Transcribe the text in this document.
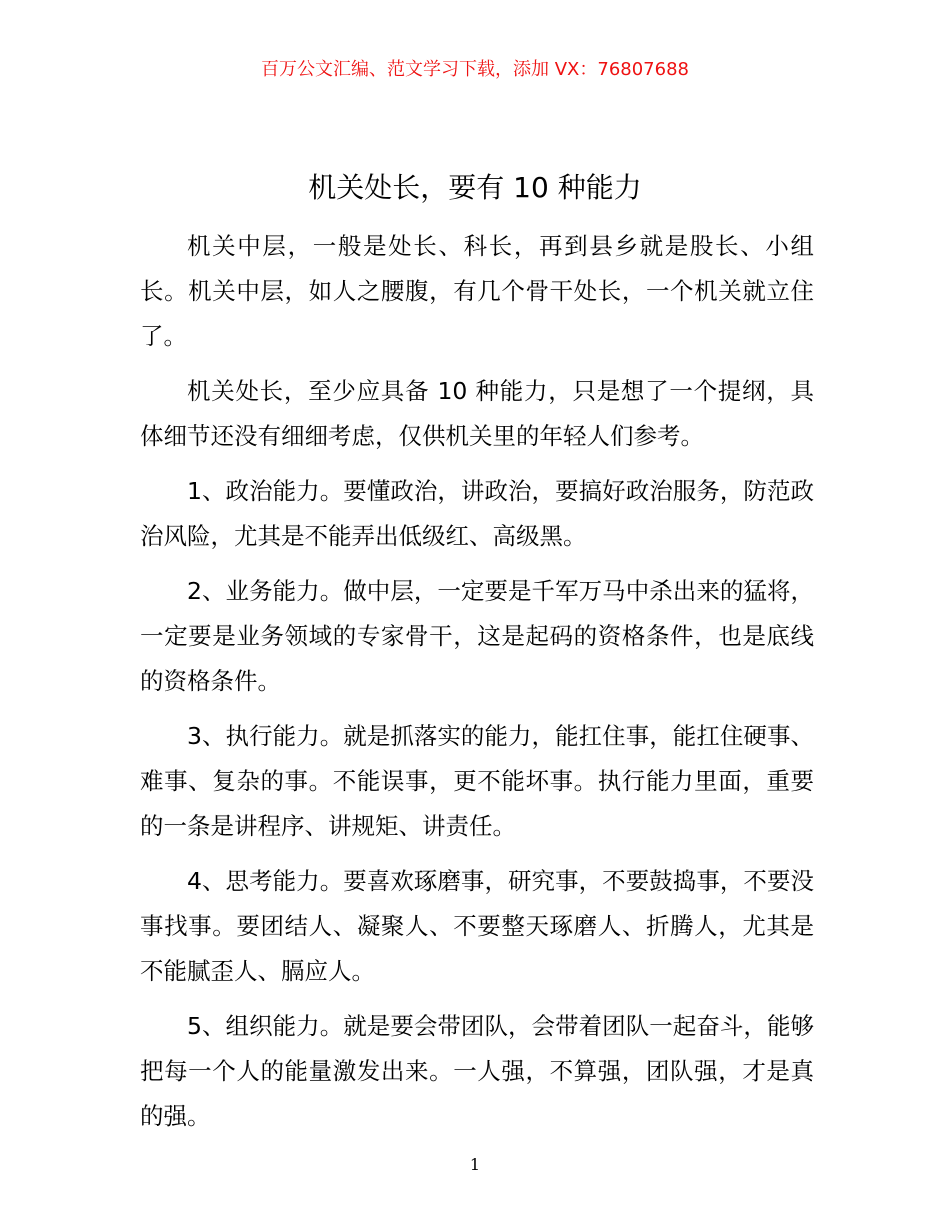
百万公文汇编、范文学习下载，添加 VX：76807688
机关处长，要有 10 种能力

机关中层，一般是处长、科长，再到县乡就是股长、小组长。机关中层，如人之腰腹，有几个骨干处长，一个机关就立住了。

机关处长，至少应具备 10 种能力，只是想了一个提纲，具体细节还没有细细考虑，仅供机关里的年轻人们参考。

1、政治能力。要懂政治，讲政治，要搞好政治服务，防范政治风险，尤其是不能弄出低级红、高级黑。

2、业务能力。做中层，一定要是千军万马中杀出来的猛将，一定要是业务领域的专家骨干，这是起码的资格条件，也是底线的资格条件。

3、执行能力。就是抓落实的能力，能扛住事，能扛住硬事、难事、复杂的事。不能误事，更不能坏事。执行能力里面，重要的一条是讲程序、讲规矩、讲责任。

4、思考能力。要喜欢琢磨事，研究事，不要鼓捣事，不要没事找事。要团结人、凝聚人、不要整天琢磨人、折腾人，尤其是不能腻歪人、膈应人。

5、组织能力。就是要会带团队，会带着团队一起奋斗，能够把每一个人的能量激发出来。一人强，不算强，团队强，才是真的强。

1
